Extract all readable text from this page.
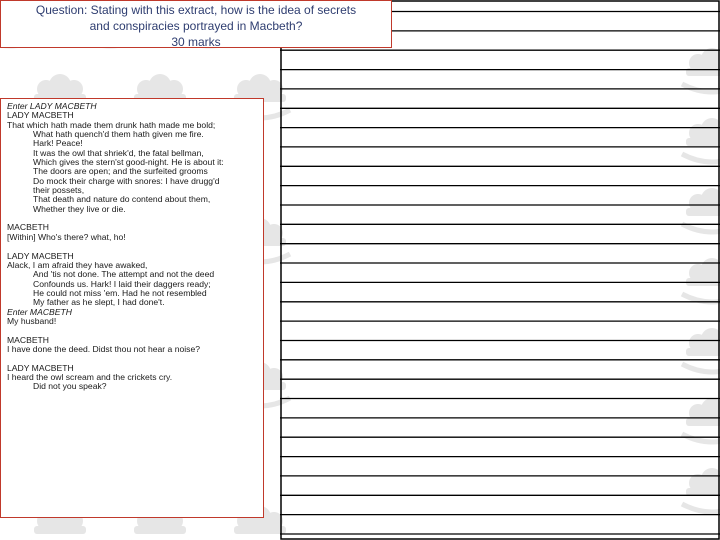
Question: Stating with this extract, how is the idea of secrets
and conspiracies portrayed in Macbeth?
30 marks
Enter LADY MACBETH
LADY MACBETH
That which hath made them drunk hath made me bold;
What hath quench'd them hath given me fire.
Hark! Peace!
It was the owl that shriek'd, the fatal bellman,
Which gives the stern'st good-night. He is about it:
The doors are open; and the surfeited grooms
Do mock their charge with snores: I have drugg'd
their possets,
That death and nature do contend about them,
Whether they live or die.
MACBETH
[Within] Who's there? what, ho!
LADY MACBETH
Alack, I am afraid they have awaked,
And 'tis not done. The attempt and not the deed
Confounds us. Hark! I laid their daggers ready;
He could not miss 'em. Had he not resembled
My father as he slept, I had done't.
Enter MACBETH
My husband!
MACBETH
I have done the deed. Didst thou not hear a noise?
LADY MACBETH
I heard the owl scream and the crickets cry.
Did not you speak?
